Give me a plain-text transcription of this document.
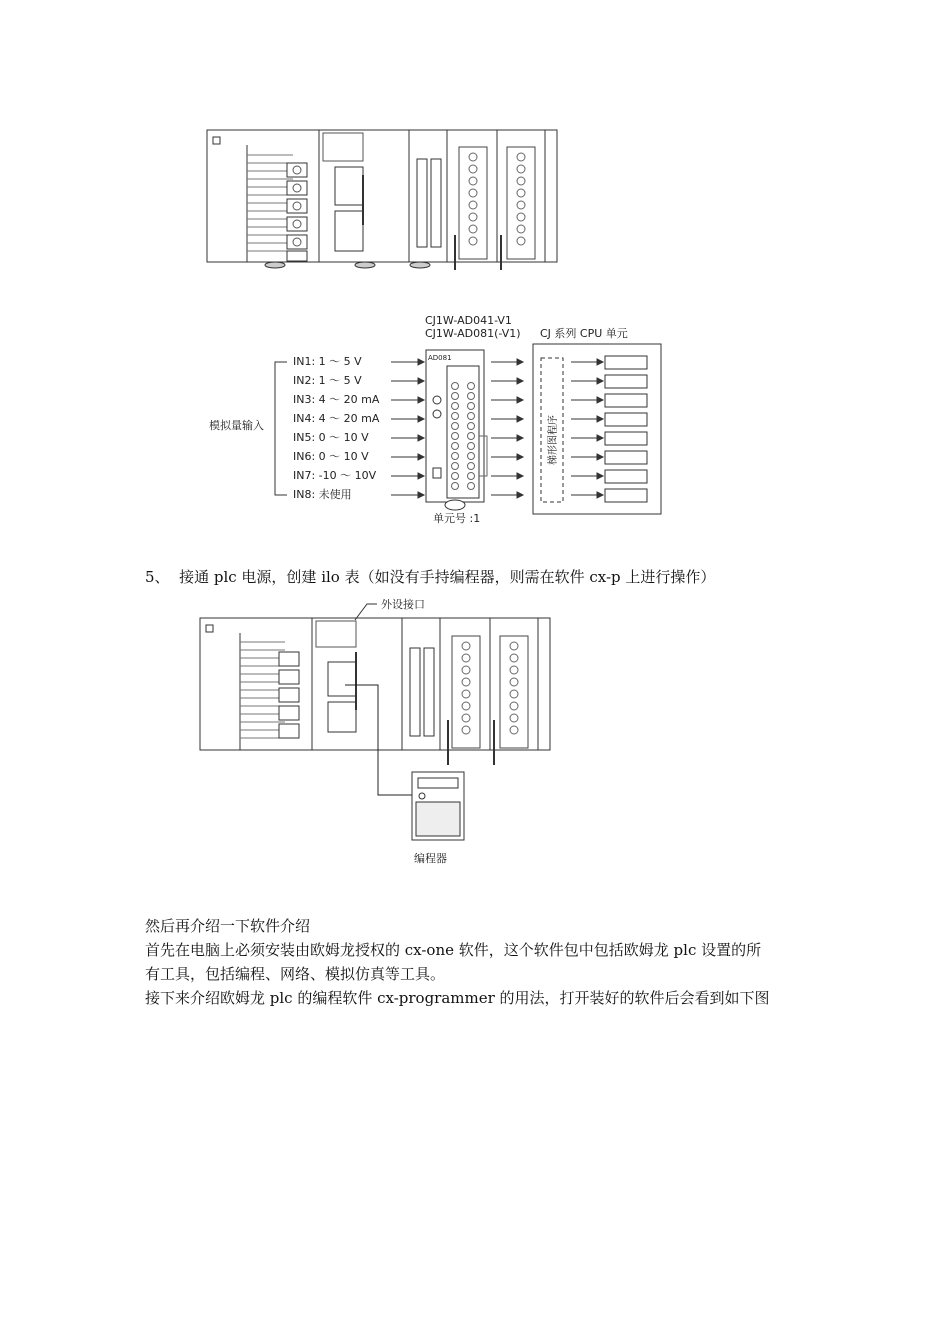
CJ1W-AD041-V1
CJ1W-AD081(-V1) CJ 系列 CPU 单元
模拟量输入
IN1: 1 ～ 5 V
IN2: 1 ～ 5 V
IN3: 4 ～ 20 mA
IN4: 4 ～ 20 mA
IN5: 0 ～ 10 V
IN6: 0 ～ 10 V
IN7: -10 ～ 10V
IN8: 未使用
AD081
单元号 :1
梯形图程序
5、 接通 plc 电源，创建 ilo 表（如没有手持编程器，则需在软件 cx-p 上进行操作）
外设接口
编程器
然后再介绍一下软件介绍
首先在电脑上必须安装由欧姆龙授权的 cx-one 软件，这个软件包中包括欧姆龙 plc 设置的所
有工具，包括编程、网络、模拟仿真等工具。
接下来介绍欧姆龙 plc 的编程软件 cx-programmer 的用法，打开装好的软件后会看到如下图
